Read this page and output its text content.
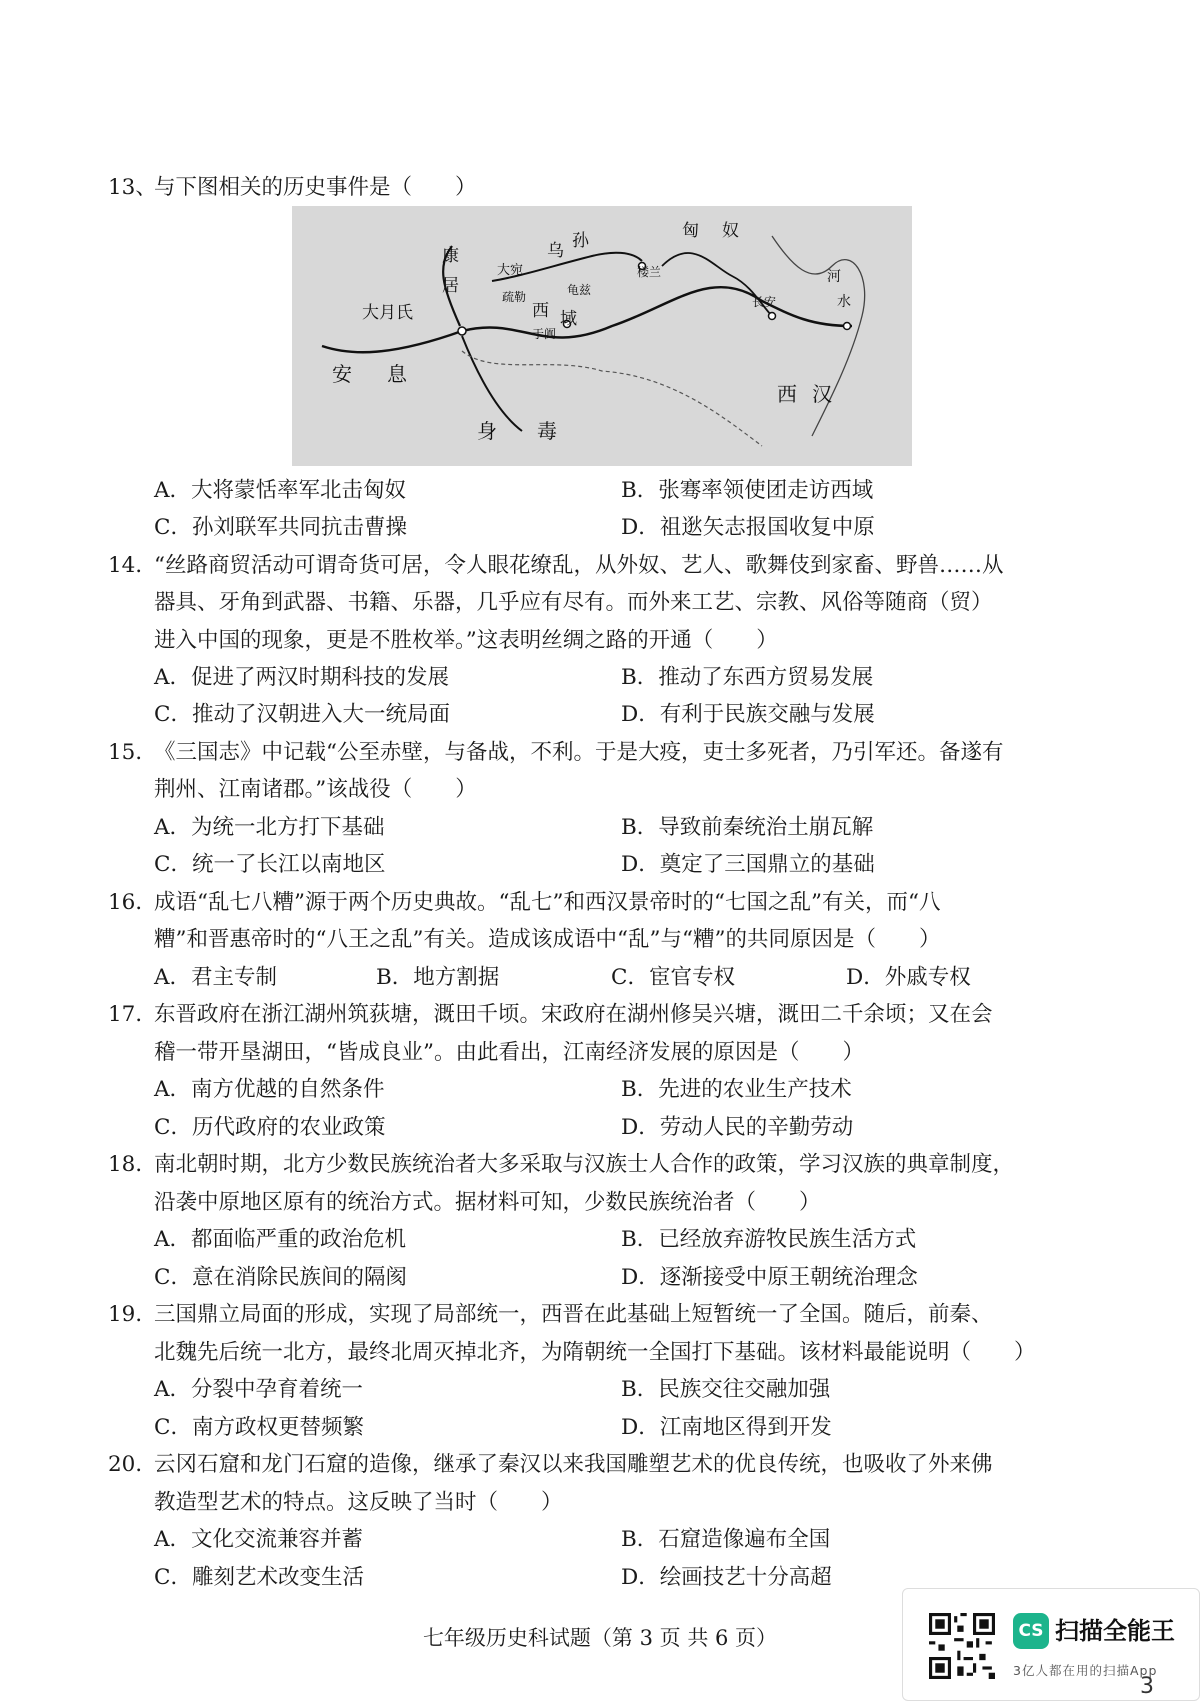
13、与下图相关的历史事件是（　　）
匈 奴
康
居
大宛
乌 孙
西 域
大月氏
安 息
身 毒
西 汉
河
水
于阗
疏勒
楼兰
龟兹
长安
A．大将蒙恬率军北击匈奴	B．张骞率领使团走访西域
C．孙刘联军共同抗击曹操	D．祖逖矢志报国收复中原
14．“丝路商贸活动可谓奇货可居，令人眼花缭乱，从外奴、艺人、歌舞伎到家畜、野兽……从
器具、牙角到武器、书籍、乐器，几乎应有尽有。而外来工艺、宗教、风俗等随商（贸）
进入中国的现象，更是不胜枚举。”这表明丝绸之路的开通（　　）
A．促进了两汉时期科技的发展	B．推动了东西方贸易发展
C．推动了汉朝进入大一统局面	D．有利于民族交融与发展
15．《三国志》中记载“公至赤壁，与备战，不利。于是大疫，吏士多死者，乃引军还。备遂有
荆州、江南诸郡。”该战役（　　）
A．为统一北方打下基础	B．导致前秦统治土崩瓦解
C．统一了长江以南地区	D．奠定了三国鼎立的基础
16．成语“乱七八糟”源于两个历史典故。“乱七”和西汉景帝时的“七国之乱”有关，而“八
糟”和晋惠帝时的“八王之乱”有关。造成该成语中“乱”与“糟”的共同原因是（　　）
A．君主专制	B．地方割据	C．宦官专权	D．外戚专权
17．东晋政府在浙江湖州筑荻塘，溉田千顷。宋政府在湖州修吴兴塘，溉田二千余顷；又在会
稽一带开垦湖田，“皆成良业”。由此看出，江南经济发展的原因是（　　）
A．南方优越的自然条件	B．先进的农业生产技术
C．历代政府的农业政策	D．劳动人民的辛勤劳动
18．南北朝时期，北方少数民族统治者大多采取与汉族士人合作的政策，学习汉族的典章制度，
沿袭中原地区原有的统治方式。据材料可知，少数民族统治者（　　）
A．都面临严重的政治危机	B．已经放弃游牧民族生活方式
C．意在消除民族间的隔阂	D．逐渐接受中原王朝统治理念
19．三国鼎立局面的形成，实现了局部统一，西晋在此基础上短暂统一了全国。随后，前秦、
北魏先后统一北方，最终北周灭掉北齐，为隋朝统一全国打下基础。该材料最能说明（　　）
A．分裂中孕育着统一	B．民族交往交融加强
C．南方政权更替频繁	D．江南地区得到开发
20．云冈石窟和龙门石窟的造像，继承了秦汉以来我国雕塑艺术的优良传统，也吸收了外来佛
教造型艺术的特点。这反映了当时（　　）
A．文化交流兼容并蓄	B．石窟造像遍布全国
C．雕刻艺术改变生活	D．绘画技艺十分高超
七年级历史科试题（第 3 页 共 6 页）	CS 扫描全能王
3亿人都在用的扫描App
3
